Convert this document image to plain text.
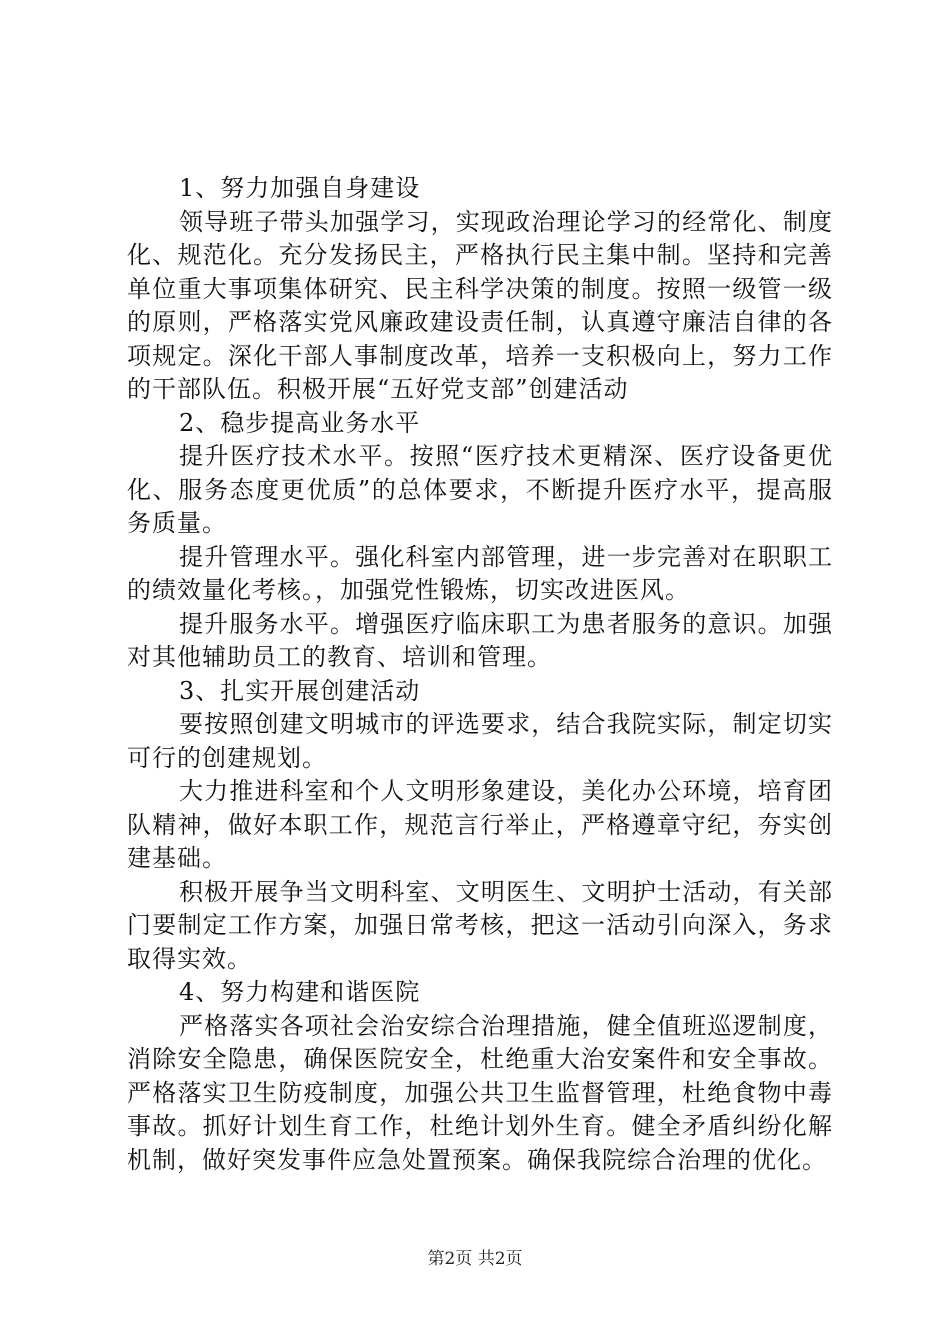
1、努力加强自身建设

领导班子带头加强学习，实现政治理论学习的经常化、制度化、规范化。充分发扬民主，严格执行民主集中制。坚持和完善单位重大事项集体研究、民主科学决策的制度。按照一级管一级的原则，严格落实党风廉政建设责任制，认真遵守廉洁自律的各项规定。深化干部人事制度改革，培养一支积极向上，努力工作的干部队伍。积极开展“五好党支部”创建活动

2、稳步提高业务水平

提升医疗技术水平。按照“医疗技术更精深、医疗设备更优化、服务态度更优质”的总体要求，不断提升医疗水平，提高服务质量。

提升管理水平。强化科室内部管理，进一步完善对在职职工的绩效量化考核。，加强党性锻炼，切实改进医风。

提升服务水平。增强医疗临床职工为患者服务的意识。加强对其他辅助员工的教育、培训和管理。

3、扎实开展创建活动

要按照创建文明城市的评选要求，结合我院实际，制定切实可行的创建规划。

大力推进科室和个人文明形象建设，美化办公环境，培育团队精神，做好本职工作，规范言行举止，严格遵章守纪，夯实创建基础。

积极开展争当文明科室、文明医生、文明护士活动，有关部门要制定工作方案，加强日常考核，把这一活动引向深入，务求取得实效。

4、努力构建和谐医院

严格落实各项社会治安综合治理措施，健全值班巡逻制度，消除安全隐患，确保医院安全，杜绝重大治安案件和安全事故。严格落实卫生防疫制度，加强公共卫生监督管理，杜绝食物中毒事故。抓好计划生育工作，杜绝计划外生育。健全矛盾纠纷化解机制，做好突发事件应急处置预案。确保我院综合治理的优化。

第2页 共2页
